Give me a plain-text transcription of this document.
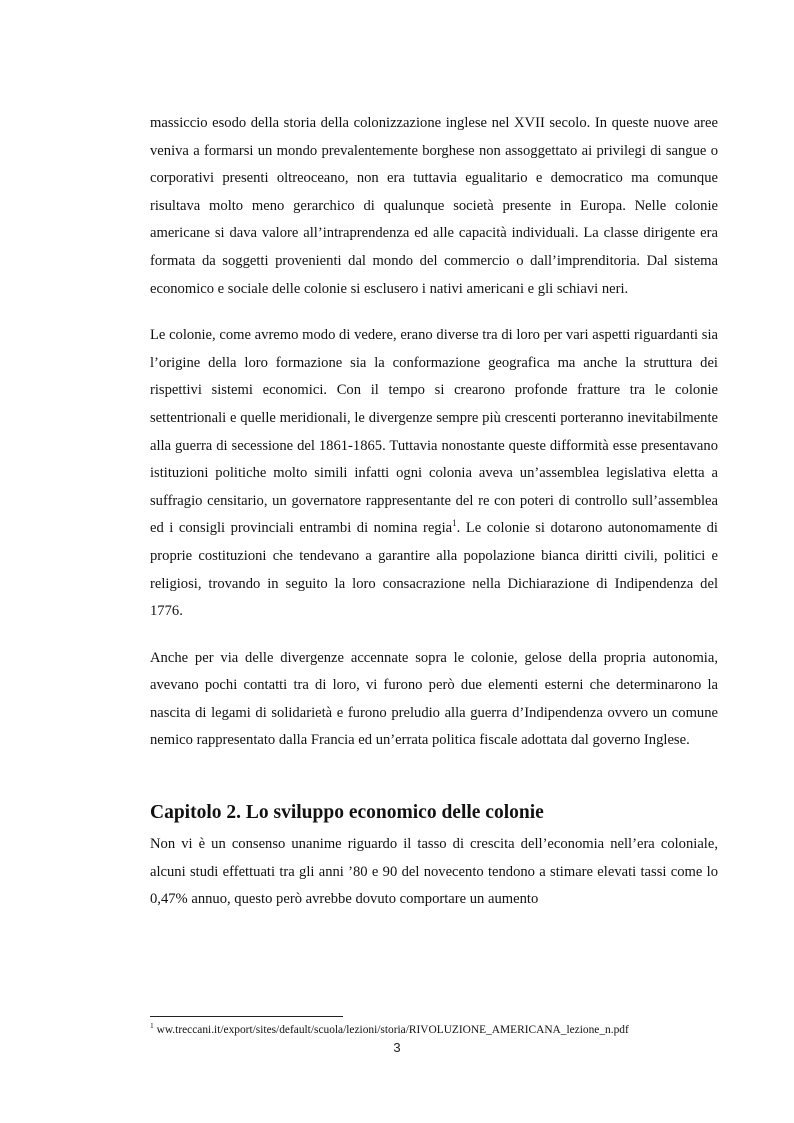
massiccio esodo della storia della colonizzazione inglese nel XVII secolo. In queste nuove aree veniva a formarsi un mondo prevalentemente borghese non assoggettato ai privilegi di sangue o corporativi presenti oltreoceano, non era tuttavia egualitario e democratico ma comunque risultava molto meno gerarchico di qualunque società presente in Europa. Nelle colonie americane si dava valore all’intraprendenza ed alle capacità individuali. La classe dirigente era formata da soggetti provenienti dal mondo del commercio o dall’imprenditoria. Dal sistema economico e sociale delle colonie si esclusero i nativi americani e gli schiavi neri.

Le colonie, come avremo modo di vedere, erano diverse tra di loro per vari aspetti riguardanti sia l’origine della loro formazione sia la conformazione geografica ma anche la struttura dei rispettivi sistemi economici. Con il tempo si crearono profonde fratture tra le colonie settentrionali e quelle meridionali, le divergenze sempre più crescenti porteranno inevitabilmente alla guerra di secessione del 1861-1865. Tuttavia nonostante queste difformità esse presentavano istituzioni politiche molto simili infatti ogni colonia aveva un’assemblea legislativa eletta a suffragio censitario, un governatore rappresentante del re con poteri di controllo sull’assemblea ed i consigli provinciali entrambi di nomina regia$^1$. Le colonie si dotarono autonomamente di proprie costituzioni che tendevano a garantire alla popolazione bianca diritti civili, politici e religiosi, trovando in seguito la loro consacrazione nella Dichiarazione di Indipendenza del 1776.

Anche per via delle divergenze accennate sopra le colonie, gelose della propria autonomia, avevano pochi contatti tra di loro, vi furono però due elementi esterni che determinarono la nascita di legami di solidarietà e furono preludio alla guerra d’Indipendenza ovvero un comune nemico rappresentato dalla Francia ed un’errata politica fiscale adottata dal governo Inglese.

Capitolo 2. Lo sviluppo economico delle colonie

Non vi è un consenso unanime riguardo il tasso di crescita dell’economia nell’era coloniale, alcuni studi effettuati tra gli anni ’80 e 90 del novecento tendono a stimare elevati tassi come lo 0,47% annuo, questo però avrebbe dovuto comportare un aumento

$^1$ ww.treccani.it/export/sites/default/scuola/lezioni/storia/RIVOLUZIONE_AMERICANA_lezione_n.pdf
3
